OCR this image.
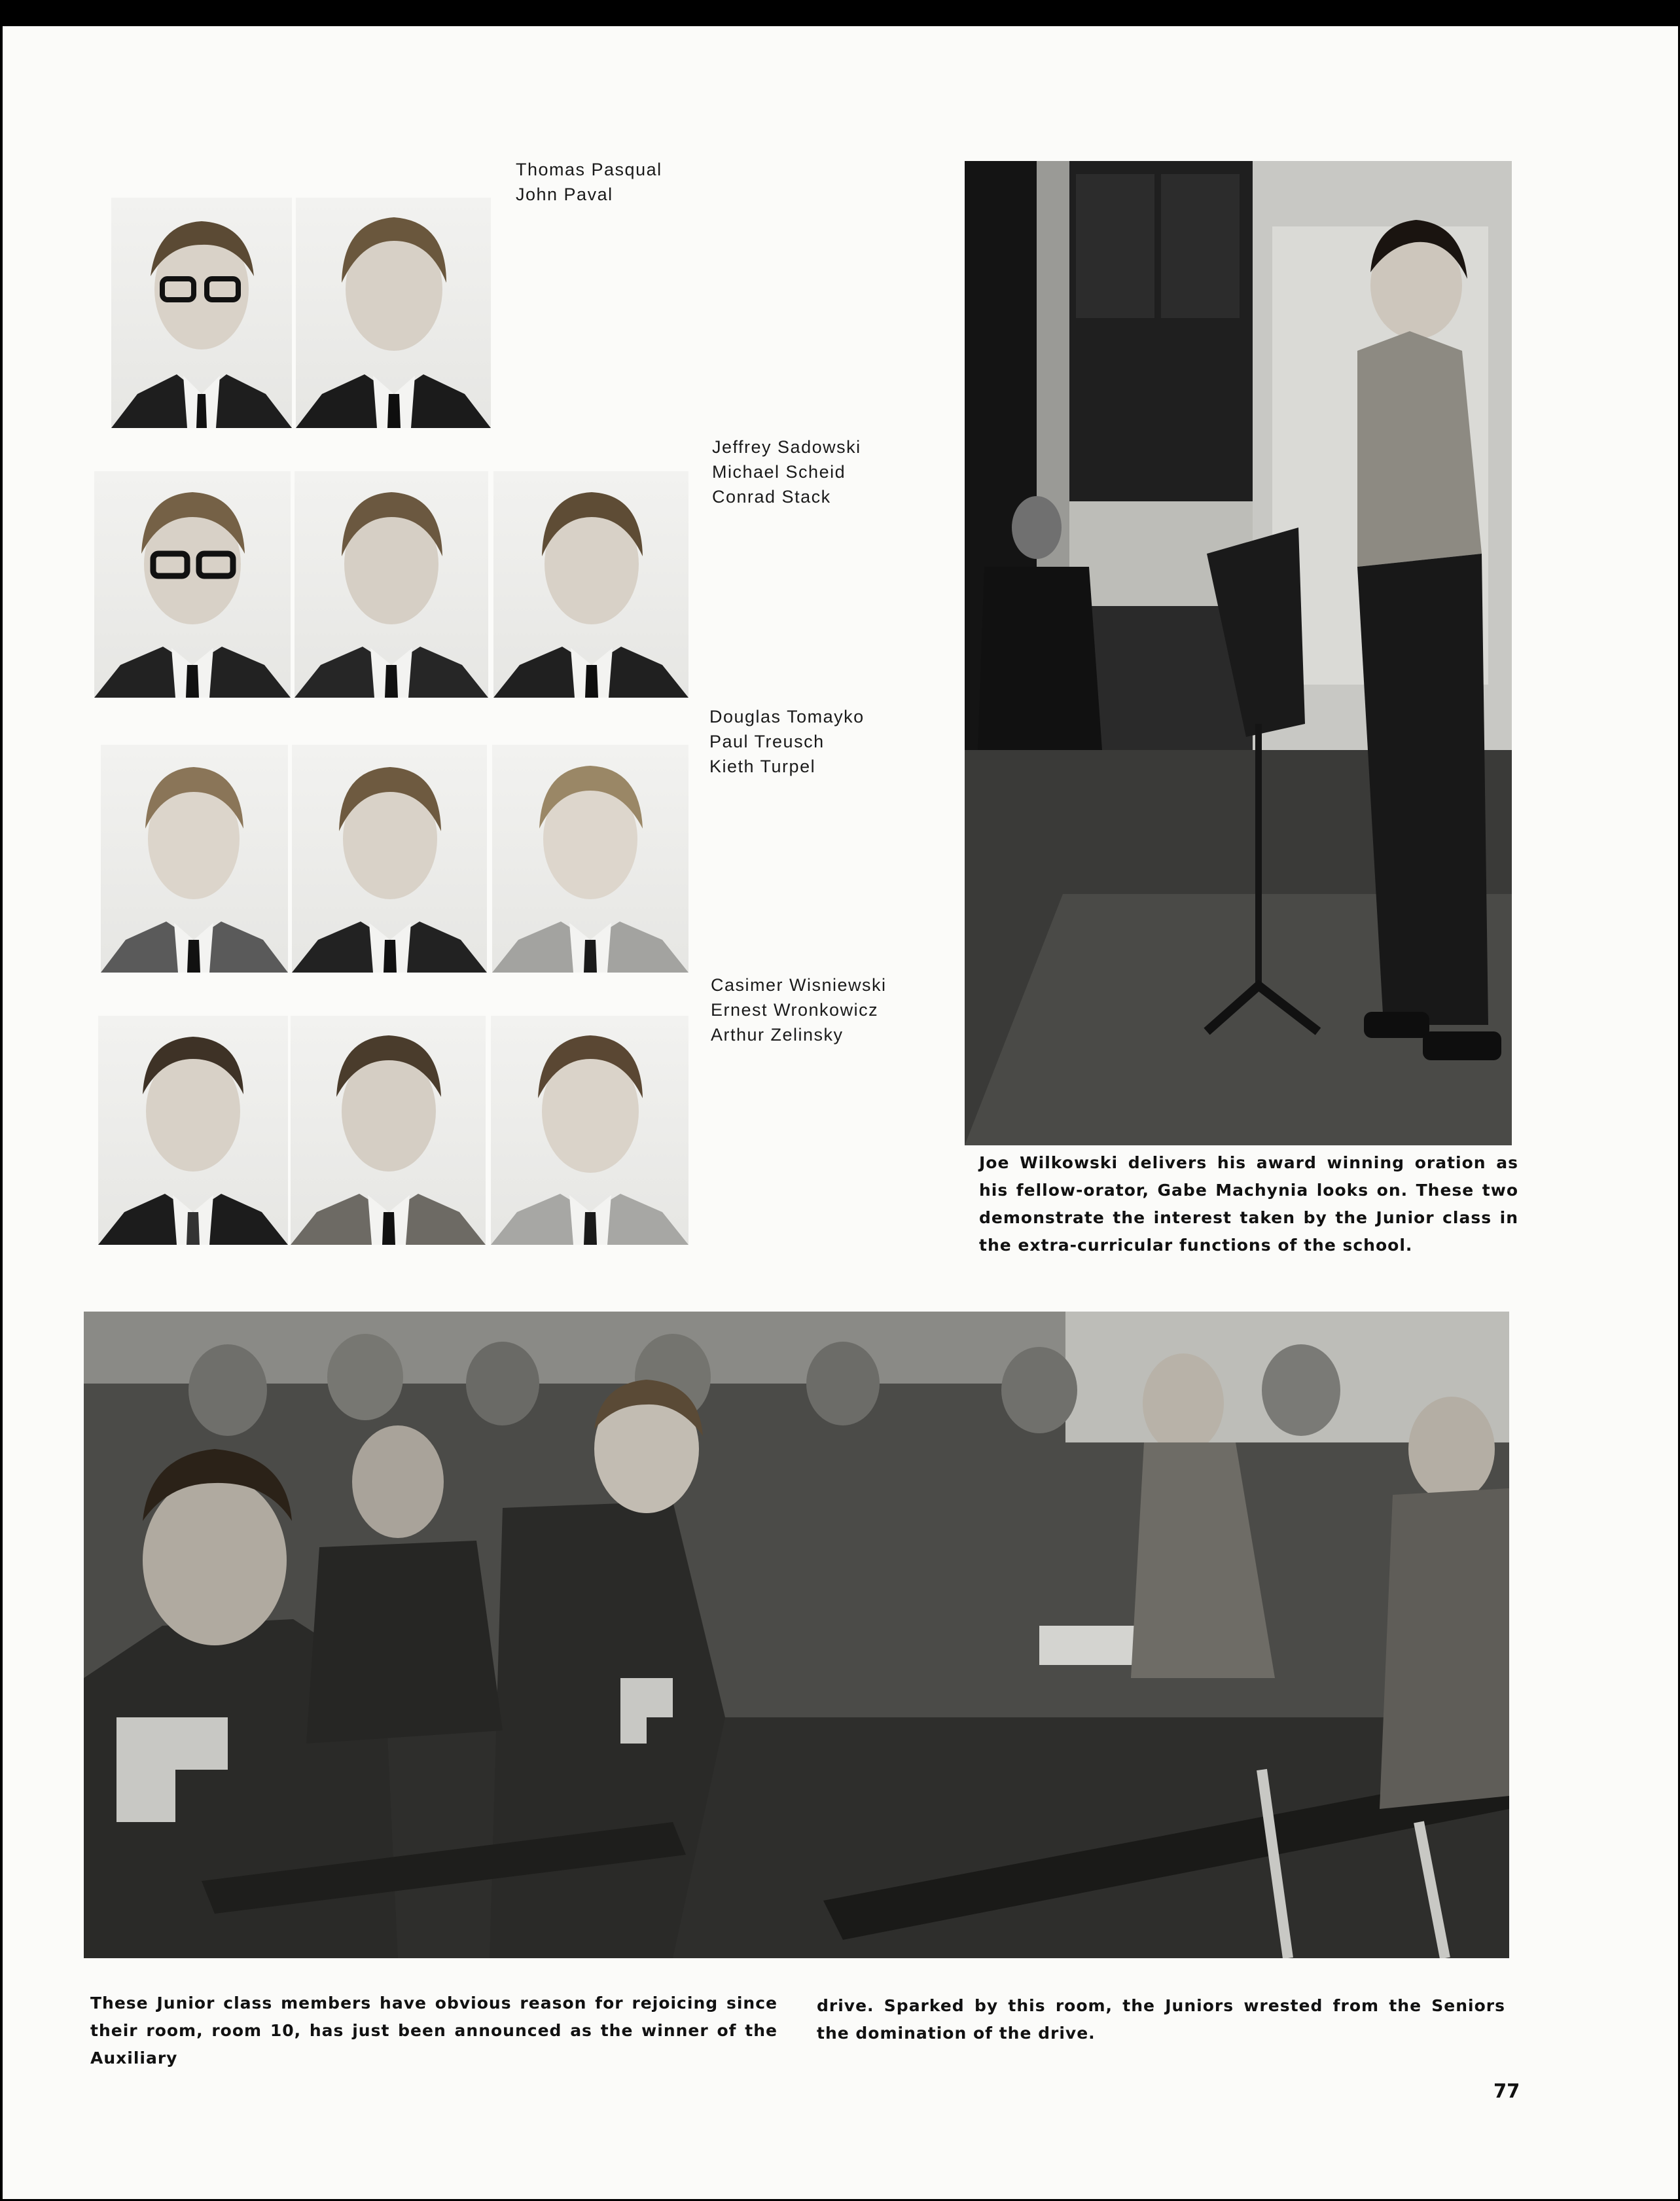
Thomas Pasqual
John Paval
Jeffrey Sadowski
Michael Scheid
Conrad Stack
Douglas Tomayko
Paul Treusch
Kieth Turpel
Casimer Wisniewski
Ernest Wronkowicz
Arthur Zelinsky
Joe Wilkowski delivers his award winning oration as his fellow-orator, Gabe Machynia looks on. These two demonstrate the interest taken by the Junior class in the extra-curricular functions of the school.
These Junior class members have obvious reason for rejoicing since their room, room 10, has just been announced as the winner of the Auxiliary
drive. Sparked by this room, the Juniors wrested from the Seniors the domination of the drive.
77
